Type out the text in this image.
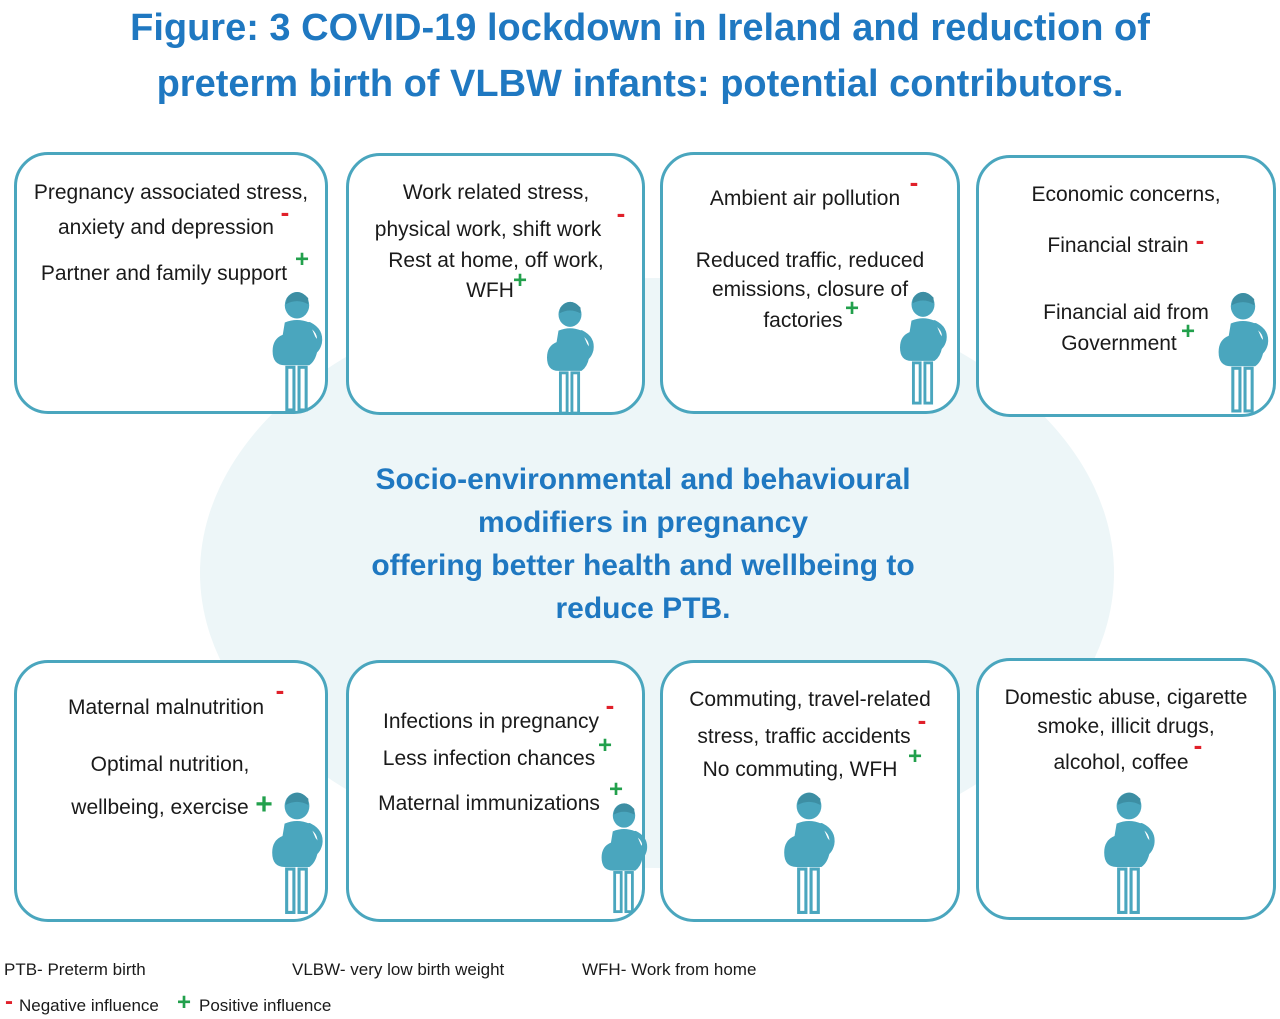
Figure: 3 COVID-19 lockdown in Ireland and reduction of
preterm birth of VLBW infants: potential contributors.
Socio-environmental and behavioural
modifiers in pregnancy
offering better health and wellbeing to
reduce PTB.
Pregnancy associated stress,
anxiety and depression
-
Partner and family support
+
Work related stress,
physical work, shift work
-
Rest at home, off work,
WFH +
Ambient air pollution
-
Reduced traffic, reduced
emissions, closure of
factories +
Economic concerns,
Financial strain -
Financial aid from
Government +
Maternal malnutrition
-
Optimal nutrition,
wellbeing, exercise +
Infections in pregnancy
-
Less infection chances +
Maternal immunizations
+
Commuting, travel-related
stress, traffic accidents
-
No commuting, WFH +
Domestic abuse, cigarette
smoke, illicit drugs,
alcohol, coffee
-
PTB- Preterm birth	VLBW- very low birth weight	WFH- Work from home
- Negative influence + Positive influence
